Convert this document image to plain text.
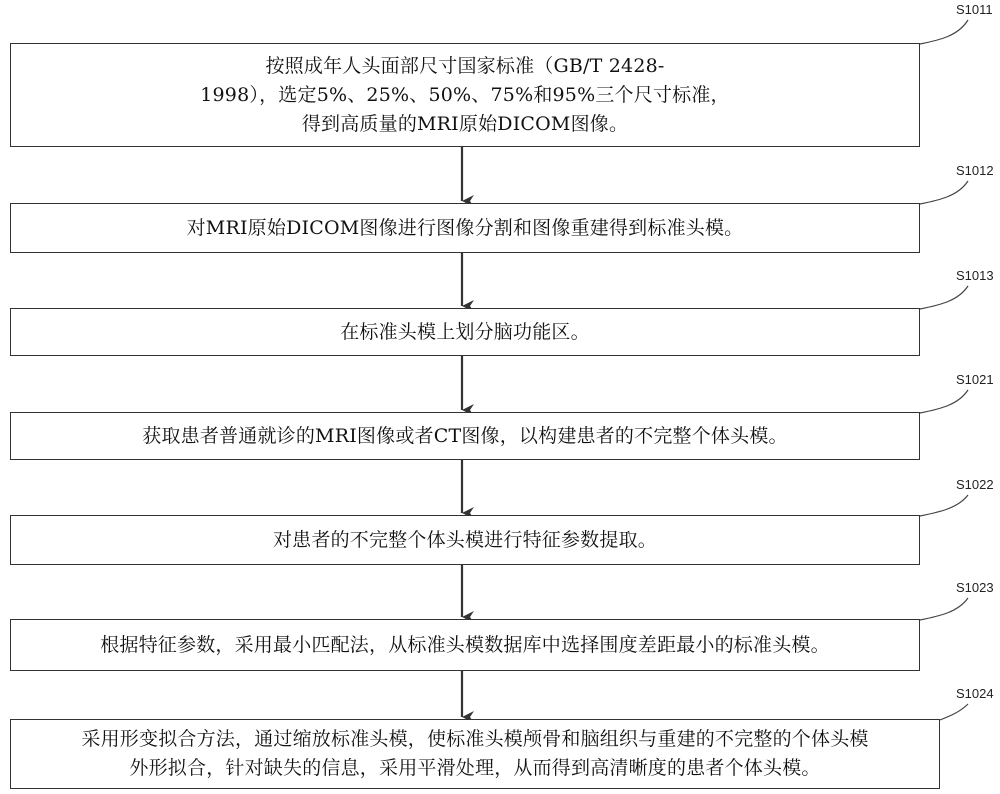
按照成年人头面部尺寸国家标准（GB/T 2428-
1998），选定5%、25%、50%、75%和95%三个尺寸标准，
得到高质量的MRI原始DICOM图像。
对MRI原始DICOM图像进行图像分割和图像重建得到标准头模。
在标准头模上划分脑功能区。
获取患者普通就诊的MRI图像或者CT图像，以构建患者的不完整个体头模。
对患者的不完整个体头模进行特征参数提取。
根据特征参数，采用最小匹配法，从标准头模数据库中选择围度差距最小的标准头模。
采用形变拟合方法，通过缩放标准头模，使标准头模颅骨和脑组织与重建的不完整的个体头模
外形拟合，针对缺失的信息，采用平滑处理，从而得到高清晰度的患者个体头模。
S1011
S1012
S1013
S1021
S1022
S1023
S1024
